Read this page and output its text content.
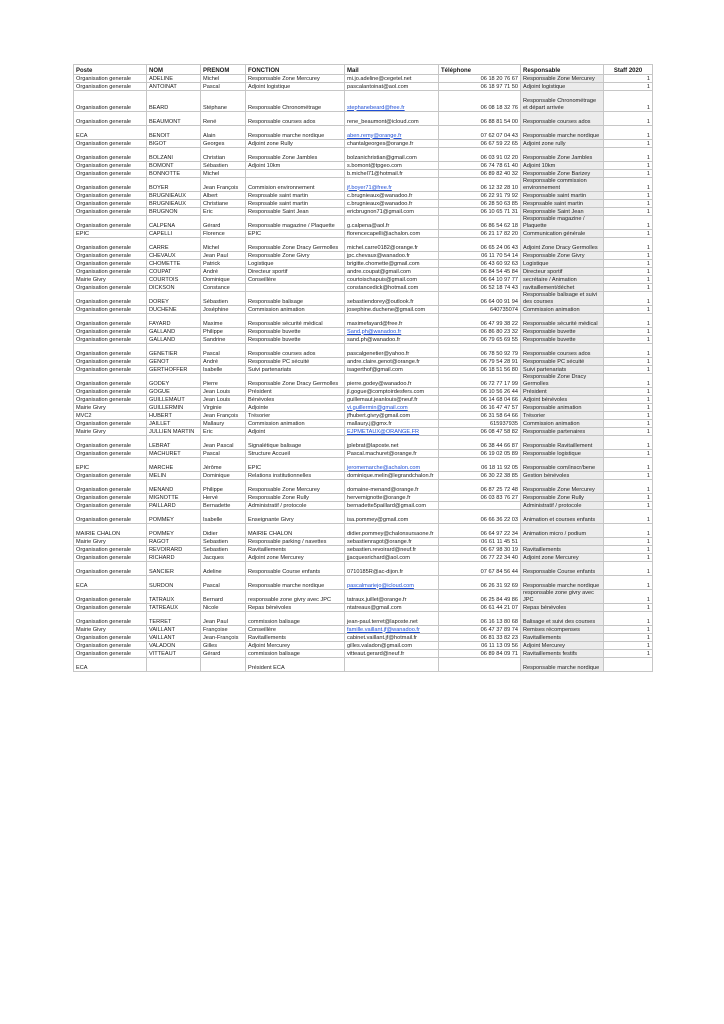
Poste	NOM	PRENOM	FONCTION	Mail	Téléphone	Responsable	Staff 2020
Organisation generale	ADELINE	Michel	Responsable Zone Mercurey	mi.jo.adeline@cegetel.net	06 18 20 76 67	Responsable Zone Mercurey	1
Organisation generale	ANTOINAT	Pascal	Adjoint logistique	pascalantoinat@aol.com	06 18 97 71 50	Adjoint logistique	1
Organisation generale	BEARD	Stéphane	Responsable Chronométrage	stephanebeard@free.fr	06 08 18 32 76	Responsable Chronométrage et départ arrivée	1
Organisation generale	BEAUMONT	René	Responsable courses ados	rene_beaumont@icloud.com	06 88 81 54 00	Responsable courses ados	1
ECA	BENOIT	Alain	Responsable marche nordique	aben.remy@orange.fr	07 62 07 04 43	Responsable marche nordique	1
Organisation generale	BIGOT	Georges	Adjoint zone Rully	chantalgeorges@orange.fr	06 67 59 22 65	Adjoint zone rully	1
Organisation generale	BOLZANI	Christian	Responsable Zone Jambles	bolzanichristian@gmail.com	06 03 91 02 20	Responsable Zone Jambles	1
Organisation generale	BOMONT	Sébastien	Adjoint 10km	s.bomont@tpgeo.com	06 74 78 61 40	Adjoint 10km	1
Organisation generale	BONNOTTE	Michel		b.michel71@hotmail.fr	06 89 82 40 32	Responsable Zone Barizey	1
Organisation generale	BOYER	Jean François	Commision environnement	jf.boyer71@free.fr	06 12 32 28 10	Responsable commission environnement	1
Organisation generale	BRUGNIEAUX	Albert	Respnsable saint martin	c.brugnieaux@wanadoo.fr	06 22 91 79 92	Responsable saint martin	1
Organisation generale	BRUGNIEAUX	Christiane	Respnsable saint martin	c.brugnieaux@wanadoo.fr	06 28 50 63 85	Respnsable saint martin	1
Organisation generale	BRUGNON	Eric	Responsable Saint Jean	ericbrugnon71@gmail.com	06 10 65 71 31	Responsable Saint Jean	1
Organisation generale	CALPENA	Gérard	Responsable magazine / Plaquette	g.calpena@aol.fr	06 86 54 62 18	Responsable magazine / Plaquette	1
EPIC	CAPELLI	Florence	EPIC	florencecapelli@achalon.com	06 21 17 82 20	Communication générale	1
Organisation generale	CARRE	Michel	Responsable Zone Dracy Germolles	michel.carre0182@orange.fr	06 65 24 06 43	Adjoint Zone Dracy Germolles	1
Organisation generale	CHEVAUX	Jean Paul	Responsable Zone Givry	jpc.chevaux@wanadoo.fr	06 11 70 54 14	Responsable Zone Givry	1
Organisation generale	CHOMETTE	Patrick	Logistique	brigitte.chomette@gmail.com	06 43 60 92 63	Logistique	1
Organisation generale	COUPAT	André	Directeur sportif	andre.coupat@gmail.com	06 84 54 45 84	Directeur sportif	1
Mairie Givry	COURTOIS	Dominique	Conseillère	courtoischapuis@gmail.com	06 64 10 97 77	secrétaire / Animation	1
Organisation generale	DICKSON	Constance		constancedick@hotmail.com	06 52 18 74 43	ravitaillement/déchet	1
Organisation generale	DOREY	Sébastien	Responsable balisage	sebastiendorey@outlook.fr	06 64 00 91 94	Responsable balisage et suivi des courses	1
Organisation generale	DUCHENE	Joséphine	Commission animation	josephine.duchene@gmail.com	640735074	Commission animation	1
Organisation generale	FAYARD	Maxime	Responsable sécurité médical	maximefayard@free.fr	06 47 99 38 22	Responsable sécurité médical	1
Organisation generale	GALLAND	Philippe	Responsable buvette	Sand.ph@wanadoo.fr	06 86 80 23 32	Responsable buvette	1
Organisation generale	GALLAND	Sandrine	Responsable buvette	sand.ph@wanadoo.fr	06 79 65 69 55	Responsable buvette	1
Organisation generale	GENETIER	Pascal	Responsable courses ados	pascalgenetier@yahoo.fr	06 78 50 92 79	Responsable courses ados	1
Organisation generale	GENOT	André	Responsable PC sécuité	andre.claire.genot@orange.fr	06 79 54 28 91	Responsable PC sécuité	1
Organisation generale	GERTHOFFER	Isabelle	Suivi partenariats	isagerthof@gmail.com	06 18 51 56 80	Suivi partenariats	1
Organisation generale	GODEY	Pierre	Responsable Zone Dracy Germolles	pierre.godey@wanadoo.fr	06 72 77 17 99	Responsable Zone Dracy Germolles	1
Organisation generale	GOGUE	Jean Louis	Président	jl.gogue@comptoirdesfers.com	06 10 56 26 44	Président	1
Organisation generale	GUILLEMAUT	Jean Louis	Bénévoles	guillemaut.jeanlouis@neuf.fr	06 14 68 04 66	Adjoint bénévoles	1
Mairie Givry	GUILLERMIN	Virginie	Adjointe	vi.guillermin@gmail.com	06 16 47 47 57	Responsable animation	1
MVC2	HUBERT	Jean François	Trésorier	jfhubert.givry@gmail.com	06 31 58 64 66	Trésorier	1
Organisation generale	JAILLET	Mallaury	Commission animation	mallaury.j@gmx.fr	615937935	Commission animation	1
Mairie Givry	JULLIEN MARTIN	Eric	Adjoint	EJPMETAUX@ORANGE.FR	06 08 47 58 82	Responsable partenaires	1
Organisation generale	LEBRAT	Jean Pascal	Signalétique balisage	jplebrat@laposte.net	06 38 44 66 87	Responsable Ravitaillement	1
Organisation generale	MACHURET	Pascal	Structure Accueil	Pascal.machuret@orange.fr	06 19 02 05 89	Responsable logistique	1
EPIC	MARCHE	Jérôme	EPIC	jeromemarche@achalon.com	06 18 11 92 05	Responsable com/inscr/bene	1
Organisation generale	MELIN	Dominique	Relations institutionnelles	dominique.melin@legrandchalon.fr	06 30 22 38 85	Gestion bénévoles	1
Organisation generale	MENAND	Philippe	Responsable Zone Mercurey	domaine-menand@orange.fr	06 87 25 72 48	Responsable Zone Mercurey	1
Organisation generale	MIGNOTTE	Hervé	Responsable Zone Rully	hervemignotte@orange.fr	06 03 83 76 27	Responsable Zone Rully	1
Organisation generale	PAILLARD	Bernadette	Administratif / protocole	bernadette5paillard@gmail.com		Administratif / protocole	1
Organisation generale	POMMEY	Isabelle	Enseignante Givry	isa.pommey@gmail.com	06 66 36 22 03	Animation et courses enfants	1
MAIRIE CHALON	POMMEY	Didier	MAIRIE CHALON	didier.pommey@chalonsursaone.fr	06 64 97 22 34	Animation micro / podium	1
Mairie Givry	RAGOT	Sebastien	Responsable parking / navettes	sebastienragot@orange.fr	06 61 11 45 51		1
Organisation generale	REVOIRARD	Sebastien	Ravitaillements	sebastien.revoirard@neuf.fr	06 67 98 30 19	Ravitaillements	1
Organisation generale	RICHARD	Jacques	Adjoint zone Mercurey	jjacquesrichard@aol.com	06 77 22 34 40	Adjoint zone Mercurey	1
Organisation generale	SANCIER	Adeline	Responsable Course enfants	0710185R@ac-dijon.fr	07 67 84 56 44	Responsable Course enfants	1
ECA	SURDON	Pascal	Responsable marche nordique	pascalmariejo@icloud.com	06 26 31 92 69	Responsable marche nordique	1
Organisation generale	TATRAUX	Bernard	responsable zone givry avec JPC	tatraux.juillet@orange.fr	06 25 84 49 86	responsable zone givry avec JPC	1
Organisation generale	TATREAUX	Nicole	Repas bénévoles	ntatreaux@gmail.com	06 61 44 21 07	Repas bénévoles	1
Organisation generale	TERRET	Jean Paul	commission balisage	jean-paul.terret@laposte.net	06 16 13 80 68	Balisage et suivi des courses	1
Mairie Givry	VAILLANT	Françoise	Conseillère	famille.vaillant.jf@wanadoo.fr	06 47 37 89 74	Remises récompenses	1
Organisation generale	VAILLANT	Jean-François	Ravitaillements	cabinet.vaillant.jf@hotmail.fr	06 81 33 82 23	Ravitaillements	1
Organisation generale	VALADON	Gilles	Adjoint Mercurey	gilles.valadon@gmail.com	06 11 13 09 56	Adjoint Mercurey	1
Organisation generale	VITTEAUT	Gérard	commission balisage	vitteaut.gerard@neuf.fr	06 89 84 09 71	Ravitaillements festifs	1
ECA			Président ECA			Responsable marche nordique	
